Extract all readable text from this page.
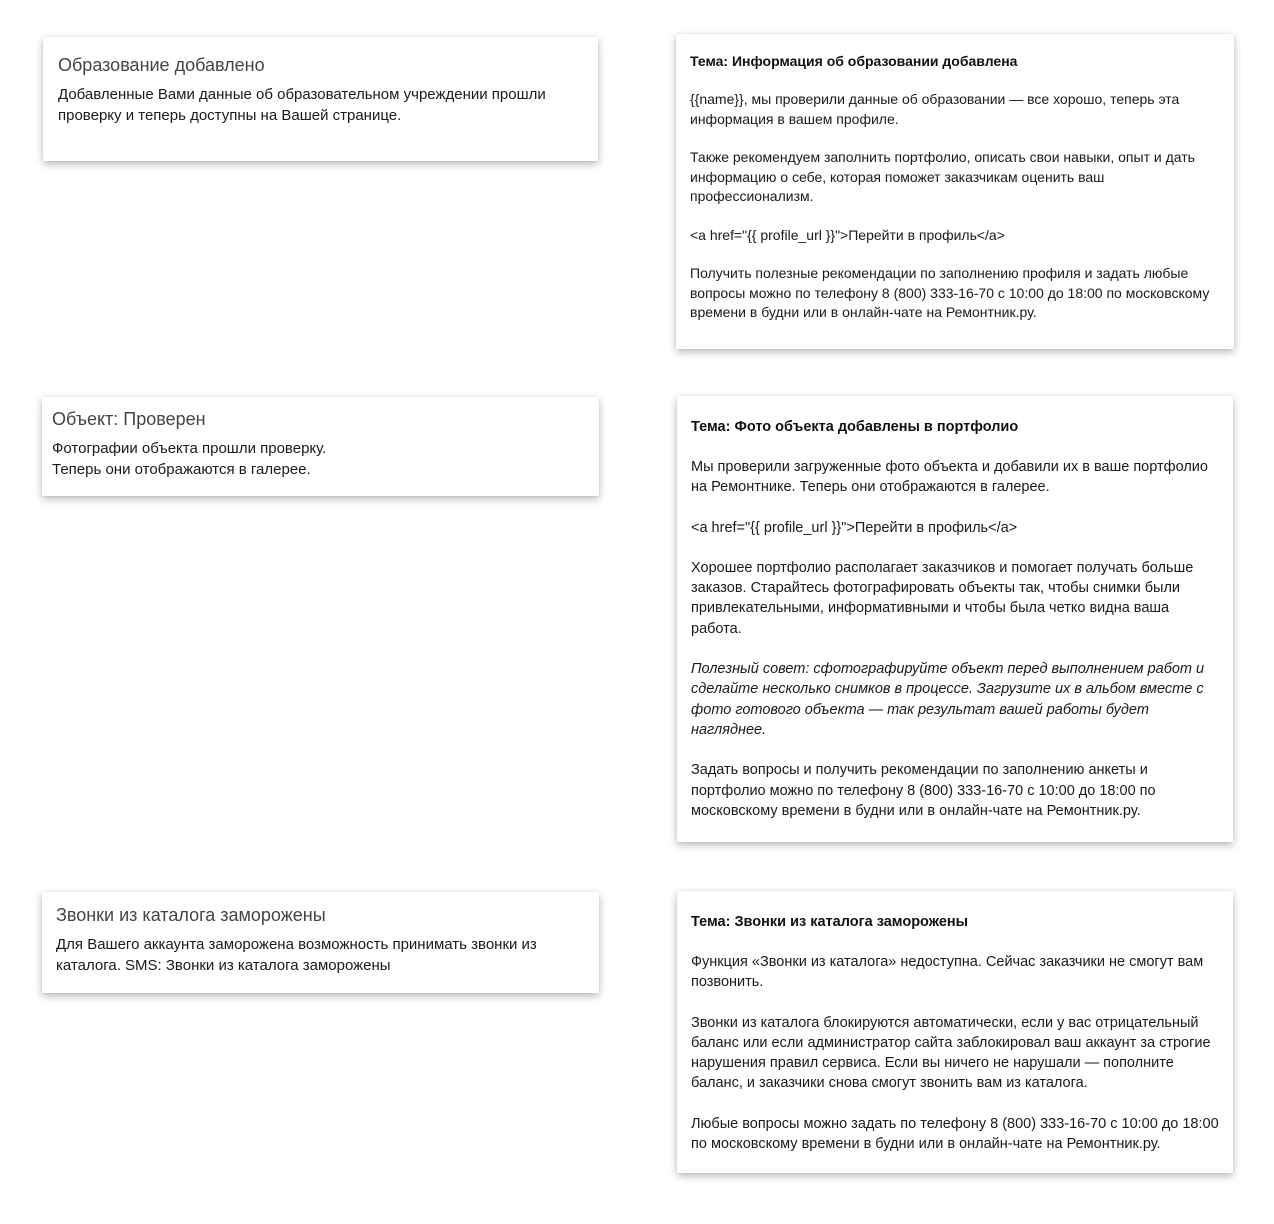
Образование добавлено

Добавленные Вами данные об образовательном учреждении прошли проверку и теперь доступны на Вашей странице.

Объект: Проверен

Фотографии объекта прошли проверку.
Теперь они отображаются в галерее.

Звонки из каталога заморожены

Для Вашего аккаунта заморожена возможность принимать звонки из каталога. SMS: Звонки из каталога заморожены

Тема: Информация об образовании добавлена

{{name}}, мы проверили данные об образовании — все хорошо, теперь эта информация в вашем профиле.

Также рекомендуем заполнить портфолио, описать свои навыки, опыт и дать информацию о себе, которая поможет заказчикам оценить ваш профессионализм.

<a href="{{ profile_url }}">Перейти в профиль</a>

Получить полезные рекомендации по заполнению профиля и задать любые вопросы можно по телефону 8 (800) 333-16-70 с 10:00 до 18:00 по московскому времени в будни или в онлайн-чате на Ремонтник.ру.

Тема: Фото объекта добавлены в портфолио

Мы проверили загруженные фото объекта и добавили их в ваше портфолио на Ремонтнике. Теперь они отображаются в галерее.

<a href="{{ profile_url }}">Перейти в профиль</a>

Хорошее портфолио располагает заказчиков и помогает получать больше заказов. Старайтесь фотографировать объекты так, чтобы снимки были привлекательными, информативными и чтобы была четко видна ваша работа.

Полезный совет: сфотографируйте объект перед выполнением работ и сделайте несколько снимков в процессе. Загрузите их в альбом вместе с фото готового объекта — так результат вашей работы будет нагляднее.

Задать вопросы и получить рекомендации по заполнению анкеты и портфолио можно по телефону 8 (800) 333-16-70 с 10:00 до 18:00 по московскому времени в будни или в онлайн-чате на Ремонтник.ру.

Тема: Звонки из каталога заморожены

Функция «Звонки из каталога» недоступна. Сейчас заказчики не смогут вам позвонить.

Звонки из каталога блокируются автоматически, если у вас отрицательный баланс или если администратор сайта заблокировал ваш аккаунт за строгие нарушения правил сервиса. Если вы ничего не нарушали — пополните баланс, и заказчики снова смогут звонить вам из каталога.

Любые вопросы можно задать по телефону 8 (800) 333-16-70 с 10:00 до 18:00 по московскому времени в будни или в онлайн-чате на Ремонтник.ру.
